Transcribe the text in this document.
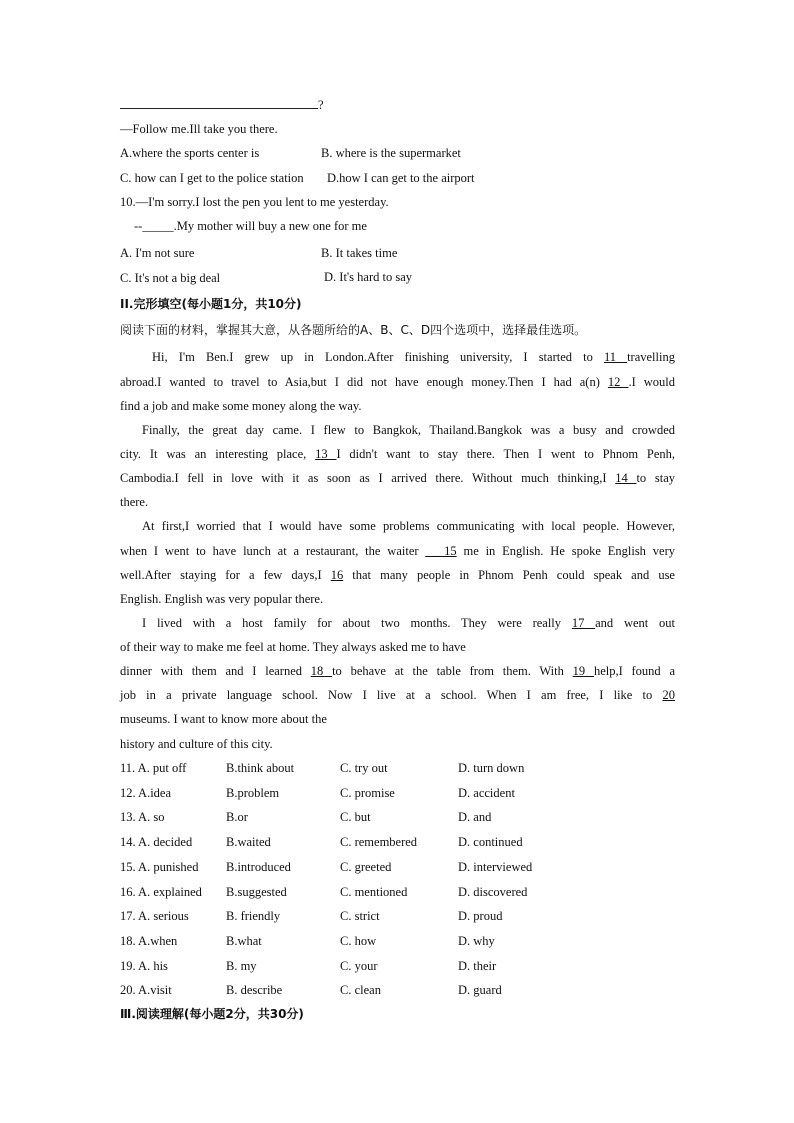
?
—Follow me.Ill take you there.
A.where the sports center is	B. where is the supermarket
C. how can I get to the police station D.how I can get to the airport
10.—I'm sorry.I lost the pen you lent to me yesterday.
--_____.My mother will buy a new one for me
A. I'm not sure	B. It takes time
C. It's not a big deal	D. It's hard to say
II.完形填空(每小题1分，共10分)
阅读下面的材料，掌握其大意，从各题所给的A、B、C、D四个选项中，选择最佳选项。
Hi, I'm Ben.I grew up in London.After finishing university, I started to 11 travelling
abroad.I wanted to travel to Asia,but I did not have enough money.Then I had a(n) 12 .I would
find a job and make some money along the way.
Finally, the great day came. I flew to Bangkok, Thailand.Bangkok was a busy and crowded
city. It was an interesting place, 13 I didn't want to stay there. Then I went to Phnom Penh,
Cambodia.I fell in love with it as soon as I arrived there. Without much thinking,I 14 to stay
there.
At first,I worried that I would have some problems communicating with local people. However,
when I went to have lunch at a restaurant, the waiter ___15 me in English. He spoke English very
well.After staying for a few days,I 16 that many people in Phnom Penh could speak and use
English. English was very popular there.
I lived with a host family for about two months. They were really 17 and went out
of their way to make me feel at home. They always asked me to have
dinner with them and I learned 18 to behave at the table from them. With 19 help,I found a
job in a private language school. Now I live at a school. When I am free, I like to 20
museums. I want to know more about the
history and culture of this city.
11. A. put off	B.think about	C. try out	D. turn down
12. A.idea	B.problem	C. promise	D. accident
13. A. so	B.or	C. but	D. and
14. A. decided	B.waited	C. remembered	D. continued
15. A. punished B.introduced	C. greeted	D. interviewed
16. A. explained B.suggested	C. mentioned	D. discovered
17. A. serious	B. friendly	C. strict	D. proud
18. A.when	B.what	C. how	D. why
19. A. his	B. my	C. your	D. their
20. A.visit	B. describe	C. clean	D. guard
Ⅲ.阅读理解(每小题2分，共30分)
